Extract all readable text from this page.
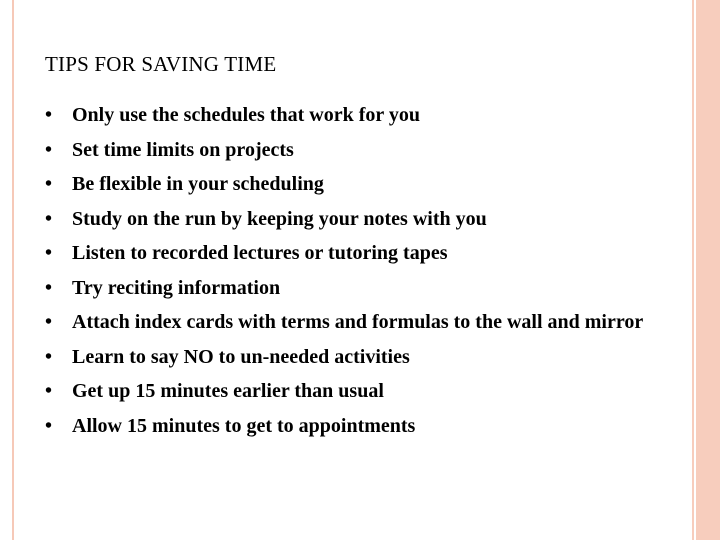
TIPS FOR SAVING TIME
• Only use the schedules that work for you
• Set time limits on projects
• Be flexible in your scheduling
• Study on the run by keeping your notes with you
• Listen to recorded lectures or tutoring tapes
• Try reciting information
• Attach index cards with terms and formulas to the wall and mirror
• Learn to say NO to un-needed activities
• Get up 15 minutes earlier than usual
• Allow 15 minutes to get to appointments
